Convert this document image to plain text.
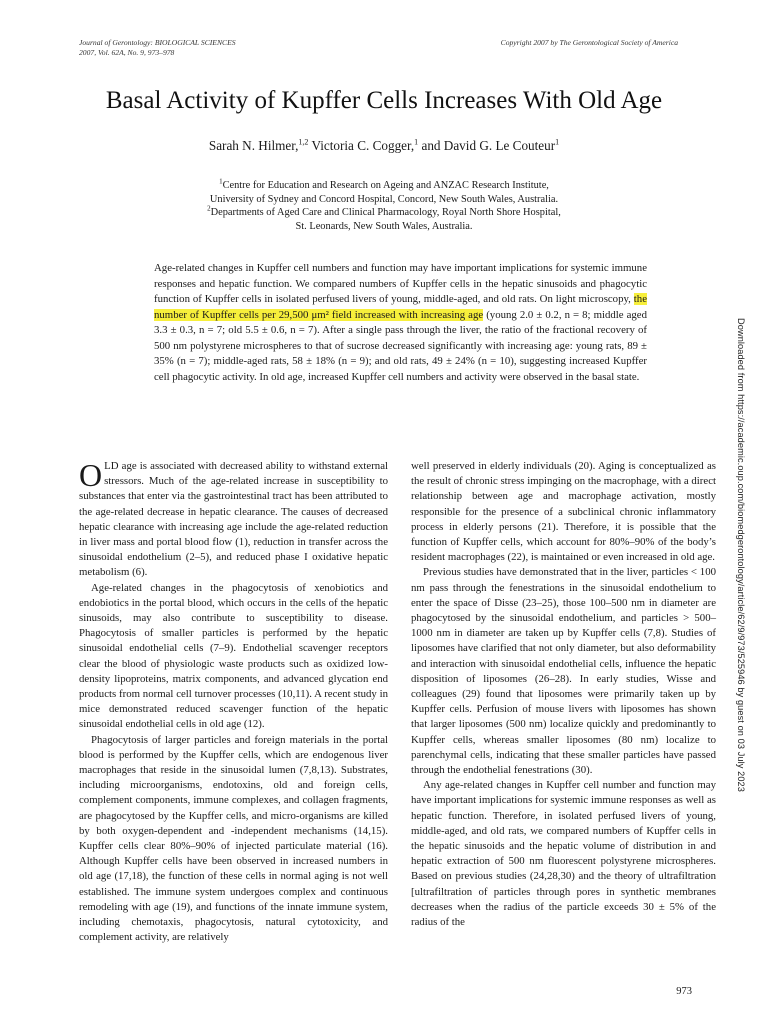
Journal of Gerontology: BIOLOGICAL SCIENCES
2007, Vol. 62A, No. 9, 973–978
Copyright 2007 by The Gerontological Society of America
Basal Activity of Kupffer Cells Increases With Old Age
Sarah N. Hilmer,$^{1,2}$ Victoria C. Cogger,$^1$ and David G. Le Couteur$^1$
$^1$Centre for Education and Research on Ageing and ANZAC Research Institute,
University of Sydney and Concord Hospital, Concord, New South Wales, Australia.
$^2$Departments of Aged Care and Clinical Pharmacology, Royal North Shore Hospital,
St. Leonards, New South Wales, Australia.
Age-related changes in Kupffer cell numbers and function may have important implications for systemic immune responses and hepatic function. We compared numbers of Kupffer cells in the hepatic sinusoids and phagocytic function of Kupffer cells in isolated perfused livers of young, middle-aged, and old rats. On light microscopy, the number of Kupffer cells per 29,500 μm² field increased with increasing age (young 2.0 ± 0.2, n = 8; middle aged 3.3 ± 0.3, n = 7; old 5.5 ± 0.6, n = 7). After a single pass through the liver, the ratio of the fractional recovery of 500 nm polystyrene microspheres to that of sucrose decreased significantly with increasing age: young rats, 89 ± 35% (n = 7); middle-aged rats, 58 ± 18% (n = 9); and old rats, 49 ± 24% (n = 10), suggesting increased Kupffer cell phagocytic activity. In old age, increased Kupffer cell numbers and activity were observed in the basal state.

OLD age is associated with decreased ability to withstand external stressors. Much of the age-related increase in susceptibility to substances that enter via the gastrointestinal tract has been attributed to the age-related decrease in hepatic clearance. The causes of decreased hepatic clearance with increasing age include the age-related reduction in liver mass and portal blood flow (1), reduction in transfer across the sinusoidal endothelium (2–5), and reduced phase I oxidative hepatic metabolism (6).

Age-related changes in the phagocytosis of xenobiotics and endobiotics in the portal blood, which occurs in the cells of the hepatic sinusoids, may also contribute to susceptibility to disease. Phagocytosis of smaller particles is performed by the hepatic sinusoidal endothelial cells (7–9). Endothelial scavenger receptors clear the blood of physiologic waste products such as oxidized low-density lipoproteins, matrix components, and advanced glycation end products from normal cell turnover processes (10,11). A recent study in mice demonstrated reduced scavenger function of the hepatic sinusoidal endothelial cells in old age (12).

Phagocytosis of larger particles and foreign materials in the portal blood is performed by the Kupffer cells, which are endogenous liver macrophages that reside in the sinusoidal lumen (7,8,13). Substrates, including microorganisms, endotoxins, old and foreign cells, complement components, immune complexes, and collagen fragments, are phagocytosed by the Kupffer cells, and micro-organisms are killed by both oxygen-dependent and -independent mechanisms (14,15). Kupffer cells clear 80%–90% of injected particulate material (16). Although Kupffer cells have been observed in increased numbers in old age (17,18), the function of these cells in normal aging is not well established. The immune system undergoes complex and continuous remodeling with age (19), and functions of the innate immune system, including chemotaxis, phagocytosis, natural cytotoxicity, and complement activity, are relatively

well preserved in elderly individuals (20). Aging is conceptualized as the result of chronic stress impinging on the macrophage, with a direct relationship between age and macrophage activation, mostly responsible for the presence of a subclinical chronic inflammatory process in elderly persons (21). Therefore, it is possible that the function of Kupffer cells, which account for 80%–90% of the body’s resident macrophages (22), is maintained or even increased in old age.

Previous studies have demonstrated that in the liver, particles < 100 nm pass through the fenestrations in the sinusoidal endothelium to enter the space of Disse (23–25), those 100–500 nm in diameter are phagocytosed by the sinusoidal endothelium, and particles > 500–1000 nm in diameter are taken up by Kupffer cells (7,8). Studies of liposomes have clarified that not only diameter, but also deformability and interaction with sinusoidal endothelial cells, influence the hepatic disposition of liposomes (26–28). In early studies, Wisse and colleagues (29) found that liposomes were primarily taken up by Kupffer cells. Perfusion of mouse livers with liposomes has shown that larger liposomes (500 nm) localize quickly and predominantly to Kupffer cells, whereas smaller liposomes (80 nm) localize to parenchymal cells, indicating that these smaller particles have passed through the endothelial fenestrations (30).

Any age-related changes in Kupffer cell number and function may have important implications for systemic immune responses as well as hepatic function. Therefore, in isolated perfused livers of young, middle-aged, and old rats, we compared numbers of Kupffer cells in the hepatic sinusoids and the hepatic volume of distribution in and hepatic extraction of 500 nm fluorescent polystyrene microspheres. Based on previous studies (24,28,30) and the theory of ultrafiltration [ultrafiltration of particles through pores in synthetic membranes decreases when the radius of the particle exceeds 30 ± 5% of the radius of the

Downloaded from https://academic.oup.com/biomedgerontology/article/62/9/973/525946 by guest on 03 July 2023
973
